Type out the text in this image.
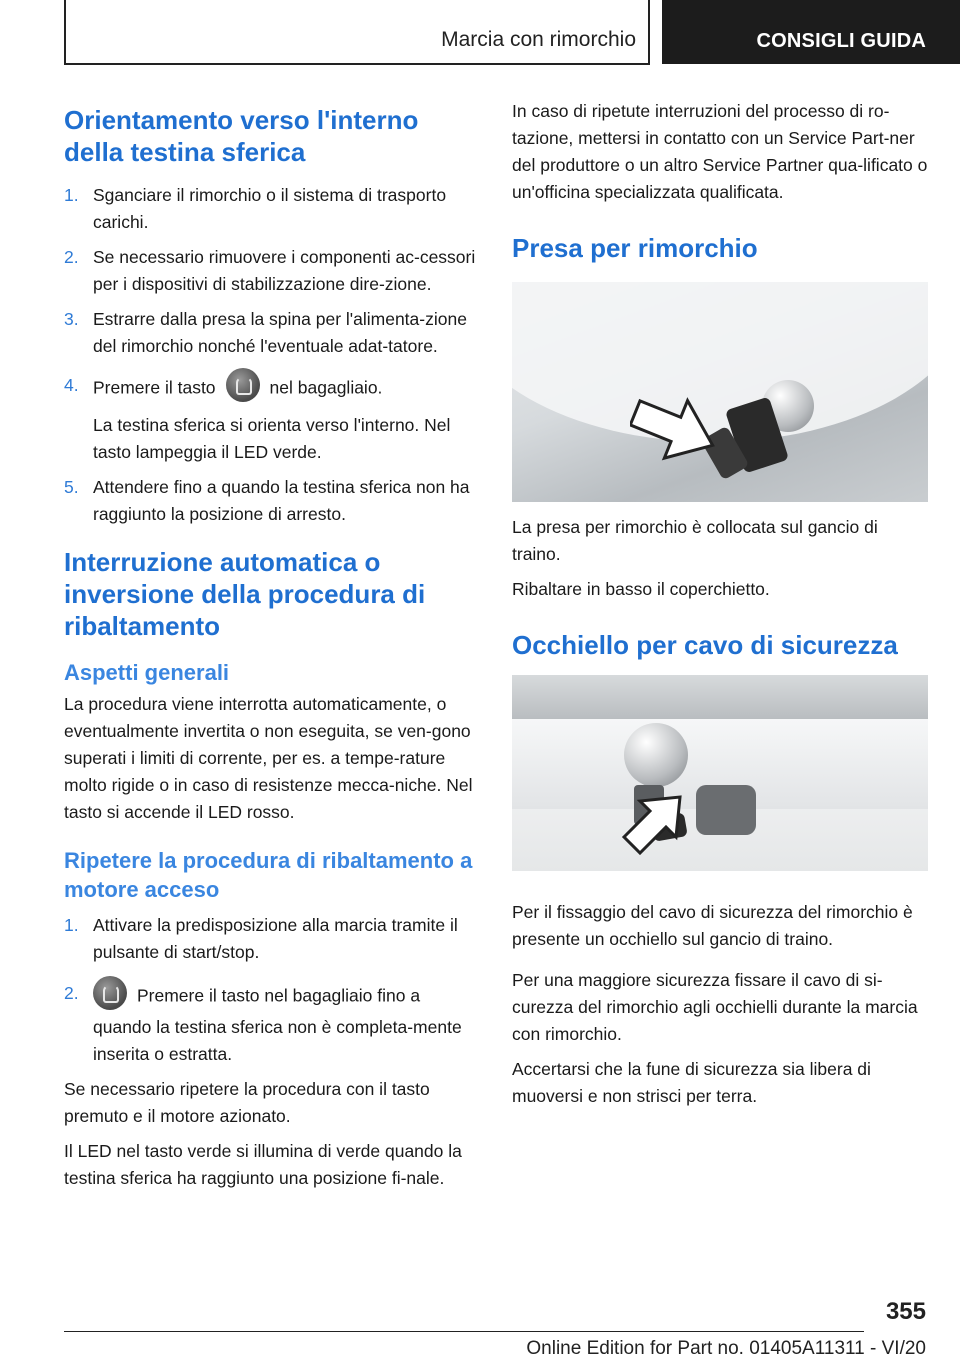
Marcia con rimorchio	CONSIGLI GUIDA
Orientamento verso l'interno della testina sferica
1. Sganciare il rimorchio o il sistema di trasporto carichi.
2. Se necessario rimuovere i componenti ac-cessori per i dispositivi di stabilizzazione dire-zione.
3. Estrarre dalla presa la spina per l'alimenta-zione del rimorchio nonché l'eventuale adat-tatore.
4. Premere il tasto	nel bagagliaio.
La testina sferica si orienta verso l'interno. Nel tasto lampeggia il LED verde.
5. Attendere fino a quando la testina sferica non ha raggiunto la posizione di arresto.
Interruzione automatica o inversione della procedura di ribaltamento
Aspetti generali

La procedura viene interrotta automaticamente, o eventualmente invertita o non eseguita, se ven-gono superati i limiti di corrente, per es. a tempe-rature molto rigide o in caso di resistenze mecca-niche. Nel tasto si accende il LED rosso.

Ripetere la procedura di ribaltamento a motore acceso
1. Attivare la predisposizione alla marcia tramite il pulsante di start/stop.
2.	Premere il tasto nel bagagliaio fino a quando la testina sferica non è completa-mente inserita o estratta.

Se necessario ripetere la procedura con il tasto premuto e il motore azionato.

Il LED nel tasto verde si illumina di verde quando la testina sferica ha raggiunto una posizione fi-nale.

In caso di ripetute interruzioni del processo di ro-tazione, mettersi in contatto con un Service Part-ner del produttore o un altro Service Partner qua-lificato o un'officina specializzata qualificata.

Presa per rimorchio

La presa per rimorchio è collocata sul gancio di traino.

Ribaltare in basso il coperchietto.

Occhiello per cavo di sicurezza

Per il fissaggio del cavo di sicurezza del rimorchio è presente un occhiello sul gancio di traino.

Per una maggiore sicurezza fissare il cavo di si-curezza del rimorchio agli occhielli durante la marcia con rimorchio.

Accertarsi che la fune di sicurezza sia libera di muoversi e non strisci per terra.

355
Online Edition for Part no. 01405A11311 - VI/20
